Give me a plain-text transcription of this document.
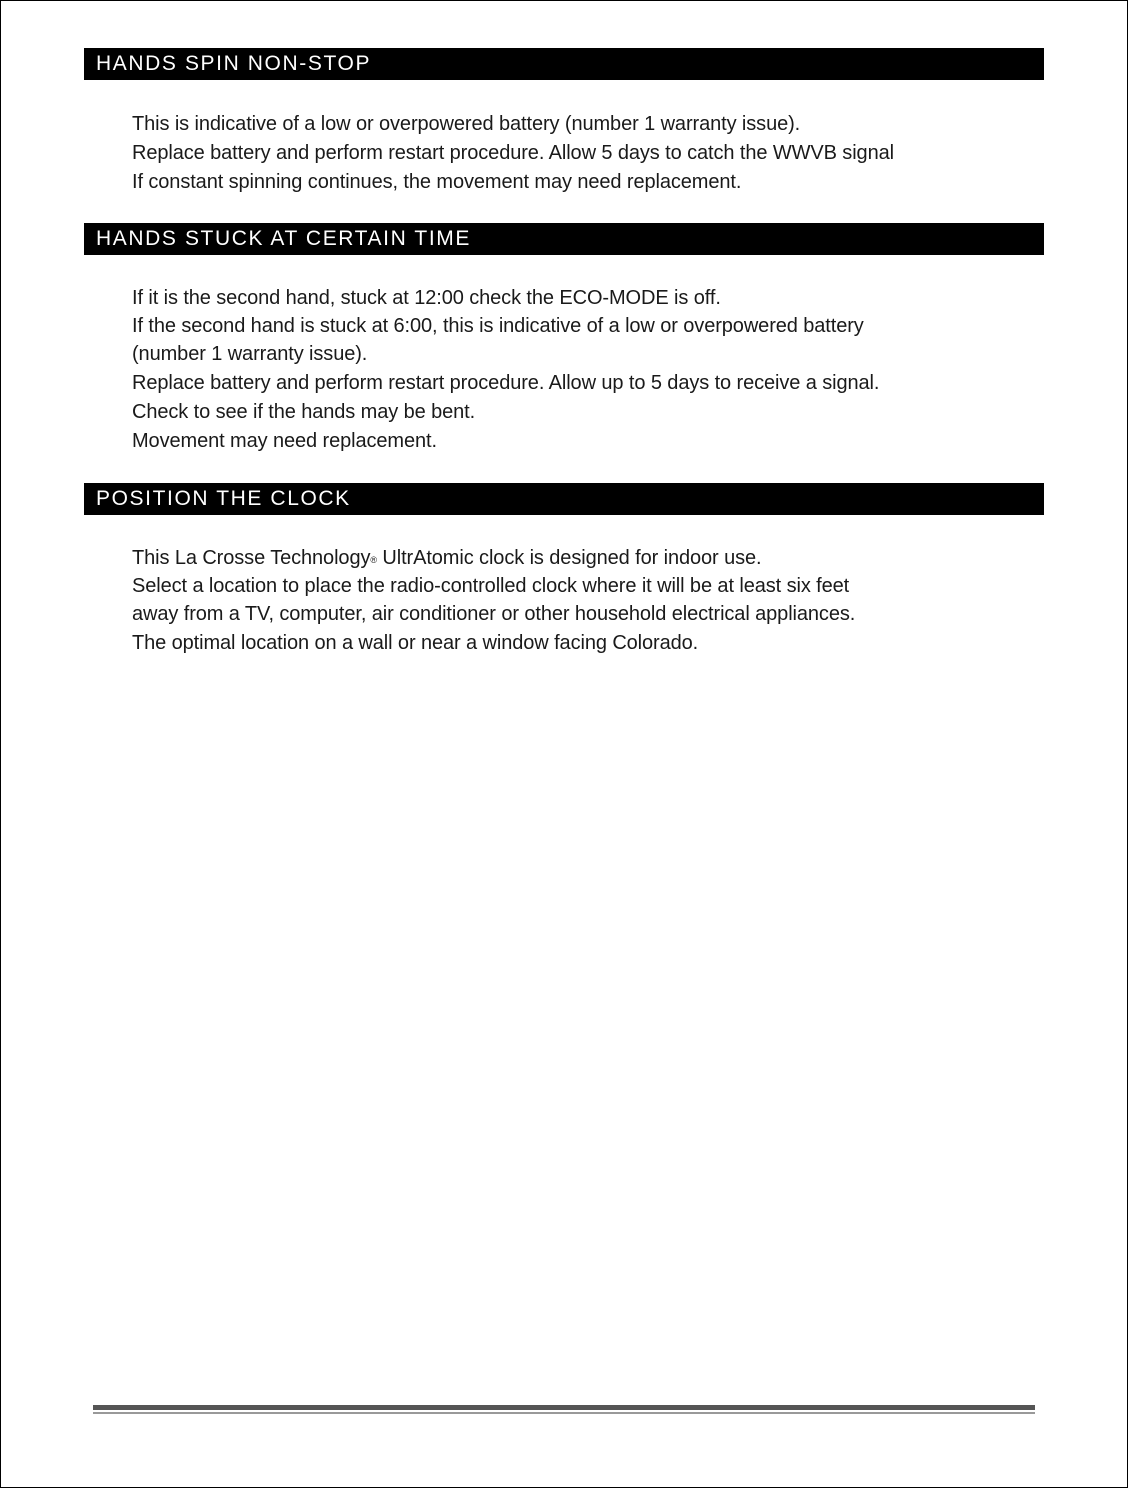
HANDS SPIN NON-STOP
This is indicative of a low or overpowered battery (number 1 warranty issue).
Replace battery and perform restart procedure. Allow 5 days to catch the WWVB signal
If constant spinning continues, the movement may need replacement.
HANDS STUCK AT CERTAIN TIME
If it is the second hand, stuck at 12:00 check the ECO-MODE is off.
If the second hand is stuck at 6:00, this is indicative of a low or overpowered battery
(number 1 warranty issue).
Replace battery and perform restart procedure. Allow up to 5 days to receive a signal.
Check to see if the hands may be bent.
Movement may need replacement.
POSITION THE CLOCK
This La Crosse Technology® UltrAtomic clock is designed for indoor use.
Select a location to place the radio-controlled clock where it will be at least six feet
away from a TV, computer, air conditioner or other household electrical appliances.
The optimal location on a wall or near a window facing Colorado.
